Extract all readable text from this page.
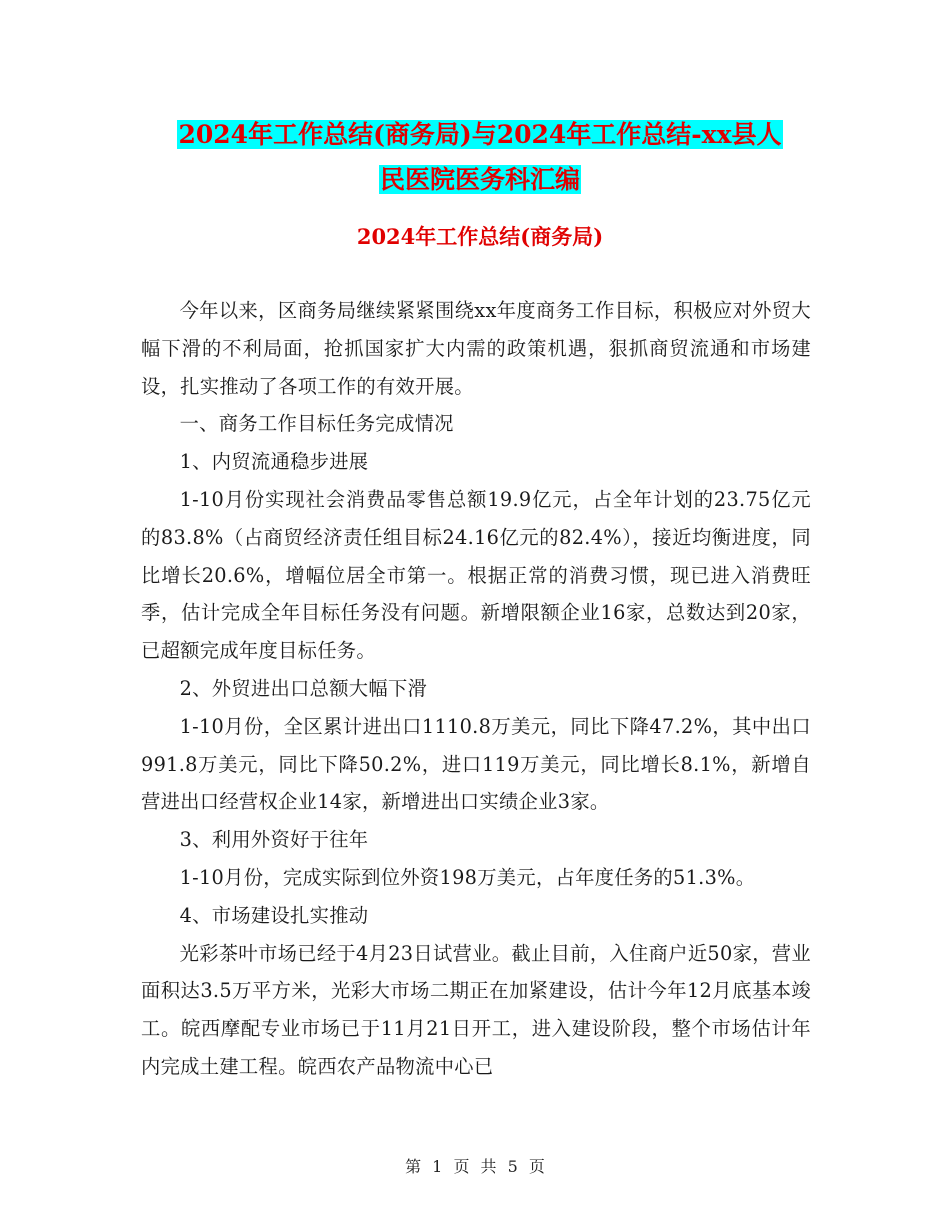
2024年工作总结(商务局)与2024年工作总结-xx县人
民医院医务科汇编
2024年工作总结(商务局)

今年以来，区商务局继续紧紧围绕xx年度商务工作目标，积极应对外贸大幅下滑的不利局面，抢抓国家扩大内需的政策机遇，狠抓商贸流通和市场建设，扎实推动了各项工作的有效开展。

一、商务工作目标任务完成情况

1、内贸流通稳步进展

1-10月份实现社会消费品零售总额19.9亿元，占全年计划的23.75亿元的83.8%（占商贸经济责任组目标24.16亿元的82.4%），接近均衡进度，同比增长20.6%，增幅位居全市第一。根据正常的消费习惯，现已进入消费旺季，估计完成全年目标任务没有问题。新增限额企业16家，总数达到20家，已超额完成年度目标任务。

2、外贸进出口总额大幅下滑

1-10月份，全区累计进出口1110.8万美元，同比下降47.2%，其中出口991.8万美元，同比下降50.2%，进口119万美元，同比增长8.1%，新增自营进出口经营权企业14家，新增进出口实绩企业3家。

3、利用外资好于往年

1-10月份，完成实际到位外资198万美元，占年度任务的51.3%。

4、市场建设扎实推动

光彩茶叶市场已经于4月23日试营业。截止目前，入住商户近50家，营业面积达3.5万平方米，光彩大市场二期正在加紧建设，估计今年12月底基本竣工。皖西摩配专业市场已于11月21日开工，进入建设阶段，整个市场估计年内完成土建工程。皖西农产品物流中心已

第 1 页 共 5 页
